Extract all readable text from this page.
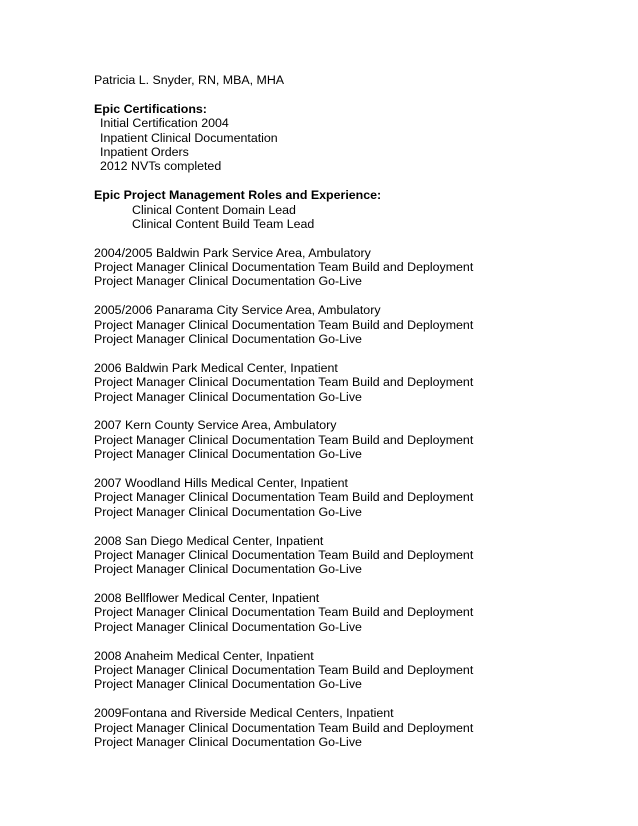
Patricia L. Snyder, RN, MBA, MHA
Epic Certifications:
Initial Certification 2004
Inpatient Clinical Documentation
Inpatient Orders
2012 NVTs completed
Epic Project Management Roles and Experience:
Clinical Content Domain Lead
Clinical Content Build Team Lead
2004/2005 Baldwin Park Service Area, Ambulatory
Project Manager Clinical Documentation Team Build and Deployment
Project Manager Clinical Documentation Go-Live
2005/2006 Panarama City Service Area, Ambulatory
Project Manager Clinical Documentation Team Build and Deployment
Project Manager Clinical Documentation Go-Live
2006 Baldwin Park Medical Center, Inpatient
Project Manager Clinical Documentation Team Build and Deployment
Project Manager Clinical Documentation Go-Live
2007 Kern County Service Area, Ambulatory
Project Manager Clinical Documentation Team Build and Deployment
Project Manager Clinical Documentation Go-Live
2007 Woodland Hills Medical Center, Inpatient
Project Manager Clinical Documentation Team Build and Deployment
Project Manager Clinical Documentation Go-Live
2008 San Diego Medical Center, Inpatient
Project Manager Clinical Documentation Team Build and Deployment
Project Manager Clinical Documentation Go-Live
2008 Bellflower Medical Center, Inpatient
Project Manager Clinical Documentation Team Build and Deployment
Project Manager Clinical Documentation Go-Live
2008 Anaheim Medical Center, Inpatient
Project Manager Clinical Documentation Team Build and Deployment
Project Manager Clinical Documentation Go-Live
2009Fontana and Riverside Medical Centers, Inpatient
Project Manager Clinical Documentation Team Build and Deployment
Project Manager Clinical Documentation Go-Live
